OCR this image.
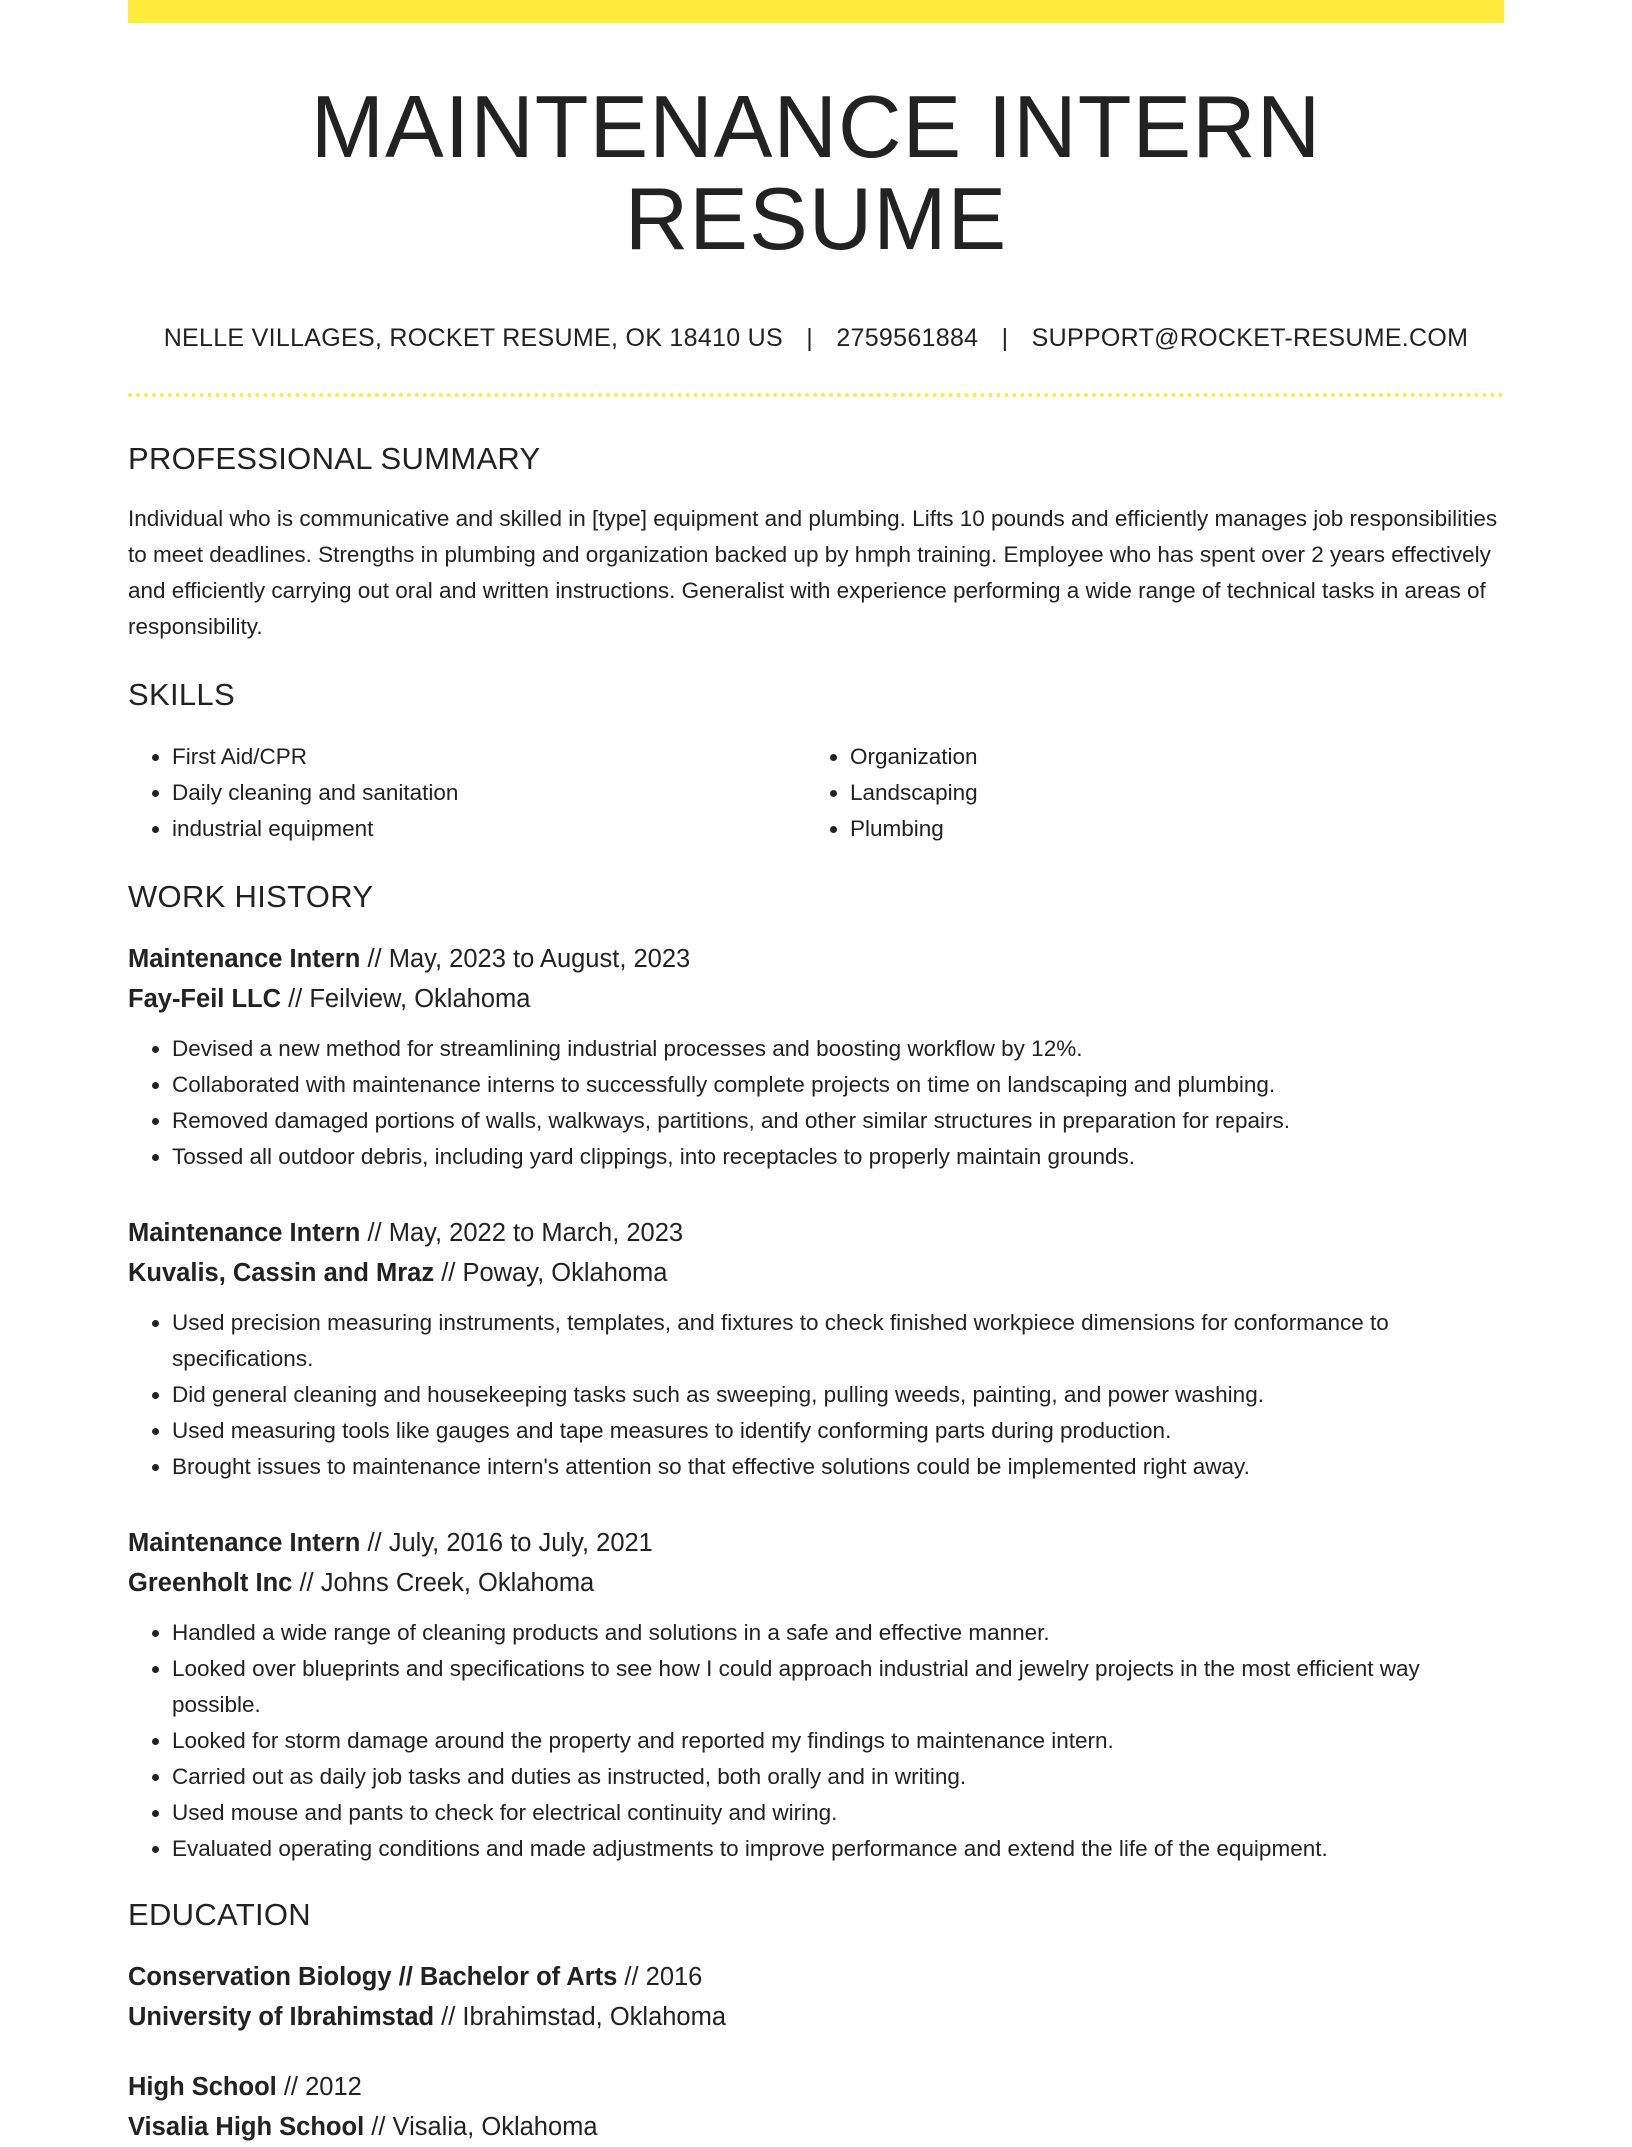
MAINTENANCE INTERN RESUME
NELLE VILLAGES, ROCKET RESUME, OK 18410 US | 2759561884 | SUPPORT@ROCKET-RESUME.COM
PROFESSIONAL SUMMARY
Individual who is communicative and skilled in [type] equipment and plumbing. Lifts 10 pounds and efficiently manages job responsibilities to meet deadlines. Strengths in plumbing and organization backed up by hmph training. Employee who has spent over 2 years effectively and efficiently carrying out oral and written instructions. Generalist with experience performing a wide range of technical tasks in areas of responsibility.
SKILLS
• First Aid/CPR
• Daily cleaning and sanitation
• industrial equipment
• Organization
• Landscaping
• Plumbing
WORK HISTORY
Maintenance Intern // May, 2023 to August, 2023
Fay-Feil LLC // Feilview, Oklahoma
• Devised a new method for streamlining industrial processes and boosting workflow by 12%.
• Collaborated with maintenance interns to successfully complete projects on time on landscaping and plumbing.
• Removed damaged portions of walls, walkways, partitions, and other similar structures in preparation for repairs.
• Tossed all outdoor debris, including yard clippings, into receptacles to properly maintain grounds.
Maintenance Intern // May, 2022 to March, 2023
Kuvalis, Cassin and Mraz // Poway, Oklahoma
• Used precision measuring instruments, templates, and fixtures to check finished workpiece dimensions for conformance to specifications.
• Did general cleaning and housekeeping tasks such as sweeping, pulling weeds, painting, and power washing.
• Used measuring tools like gauges and tape measures to identify conforming parts during production.
• Brought issues to maintenance intern's attention so that effective solutions could be implemented right away.
Maintenance Intern // July, 2016 to July, 2021
Greenholt Inc // Johns Creek, Oklahoma
• Handled a wide range of cleaning products and solutions in a safe and effective manner.
• Looked over blueprints and specifications to see how I could approach industrial and jewelry projects in the most efficient way possible.
• Looked for storm damage around the property and reported my findings to maintenance intern.
• Carried out as daily job tasks and duties as instructed, both orally and in writing.
• Used mouse and pants to check for electrical continuity and wiring.
• Evaluated operating conditions and made adjustments to improve performance and extend the life of the equipment.
EDUCATION
Conservation Biology // Bachelor of Arts // 2016
University of Ibrahimstad // Ibrahimstad, Oklahoma
High School // 2012
Visalia High School // Visalia, Oklahoma
